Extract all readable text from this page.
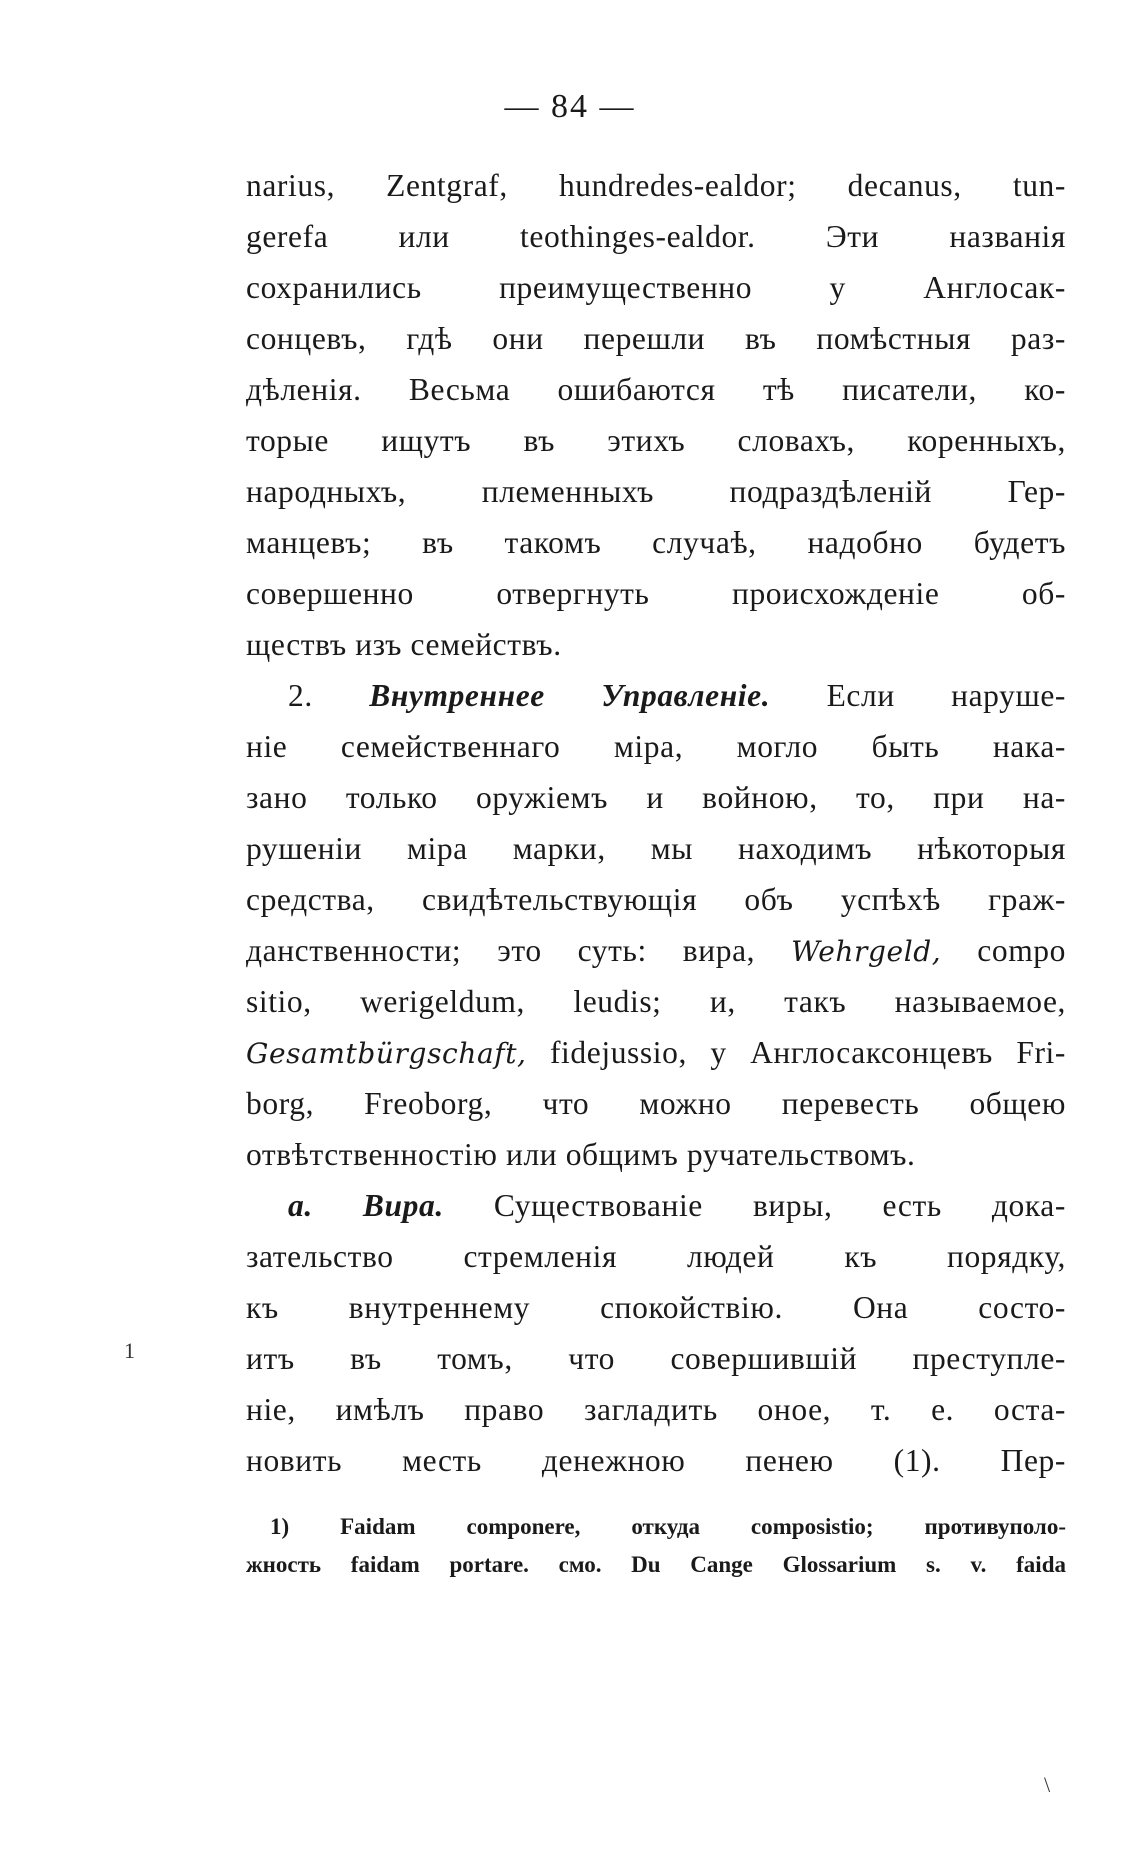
— 84 —
narius, Zentgraf, hundredes-ealdor; decanus, tun-
gerefa или teothinges-ealdor. Эти названія
сохранились преимущественно у Англосак-
сонцевъ, гдѣ они перешли въ помѣстныя раз-
дѣленія. Весьма ошибаются тѣ писатели, ко-
торые ищутъ въ этихъ словахъ, коренныхъ,
народныхъ, племенныхъ подраздѣленій Гер-
манцевъ; въ такомъ случаѣ, надобно будетъ
совершенно отвергнуть происхожденіе об-
ществъ изъ семействъ.
2. Внутреннее Управленіе. Если наруше-
ніе семейственнаго міра, могло быть нака-
зано только оружіемъ и войною, то, при на-
рушеніи міра марки, мы находимъ нѣкоторыя
средства, свидѣтельствующія объ успѣхѣ граж-
данственности; это суть: вира, Wehrgeld, compo
sitio, werigeldum, leudis; и, такъ называемое,
Gesamtbürgschaft, fidejussio, у Англосаксонцевъ Fri-
borg, Freoborg, что можно перевесть общею
отвѣтственностію или общимъ ручательствомъ.
a. Вира. Существованіе виры, есть дока-
зательство стремленія людей къ порядку,
къ внутреннему спокойствію. Она состо-
итъ въ томъ, что совершившій преступле-
ніе, имѣлъ право загладить оное, т. е. оста-
новить месть денежною пенею (1). Пер-
1) Faidam componere, откуда composistio; противуполо-
жность faidam portare. смо. Du Cange Glossarium s. v. faida
1
\
